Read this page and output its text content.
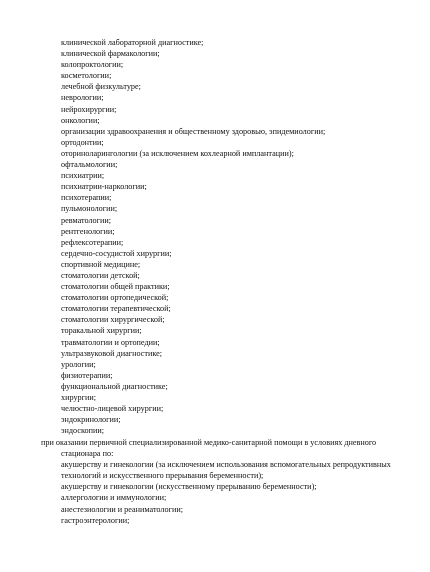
клинической лабораторной диагностике;
клинической фармакологии;
колопроктологии;
косметологии;
лечебной физкультуре;
неврологии;
нейрохирургии;
онкологии;
организации здравоохранения и общественному здоровью, эпидемиологии;
ортодонтии;
оториноларингологии (за исключением кохлеарной имплантации);
офтальмологии;
психиатрии;
психиатрии-наркологии;
психотерапии;
пульмонологии;
ревматологии;
рентгенологии;
рефлексотерапии;
сердечно-сосудистой хирургии;
спортивной медицине;
стоматологии детской;
стоматологии общей практики;
стоматологии ортопедической;
стоматологии терапевтической;
стоматологии хирургической;
торакальной хирургии;
травматологии и ортопедии;
ультразвуковой диагностике;
урологии;
физиотерапии;
функциональной диагностике;
хирургии;
челюстно-лицевой хирургии;
эндокринологии;
эндоскопии;
при оказании первичной специализированной медико-санитарной помощи в условиях дневного
стационара по:
акушерству и гинекологии (за исключением использования вспомогательных репродуктивных
технологий и искусственного прерывания беременности);
акушерству и гинекологии (искусственному прерыванию беременности);
аллергологии и иммунологии;
анестезиологии и реаниматологии;
гастроэнтерологии;
